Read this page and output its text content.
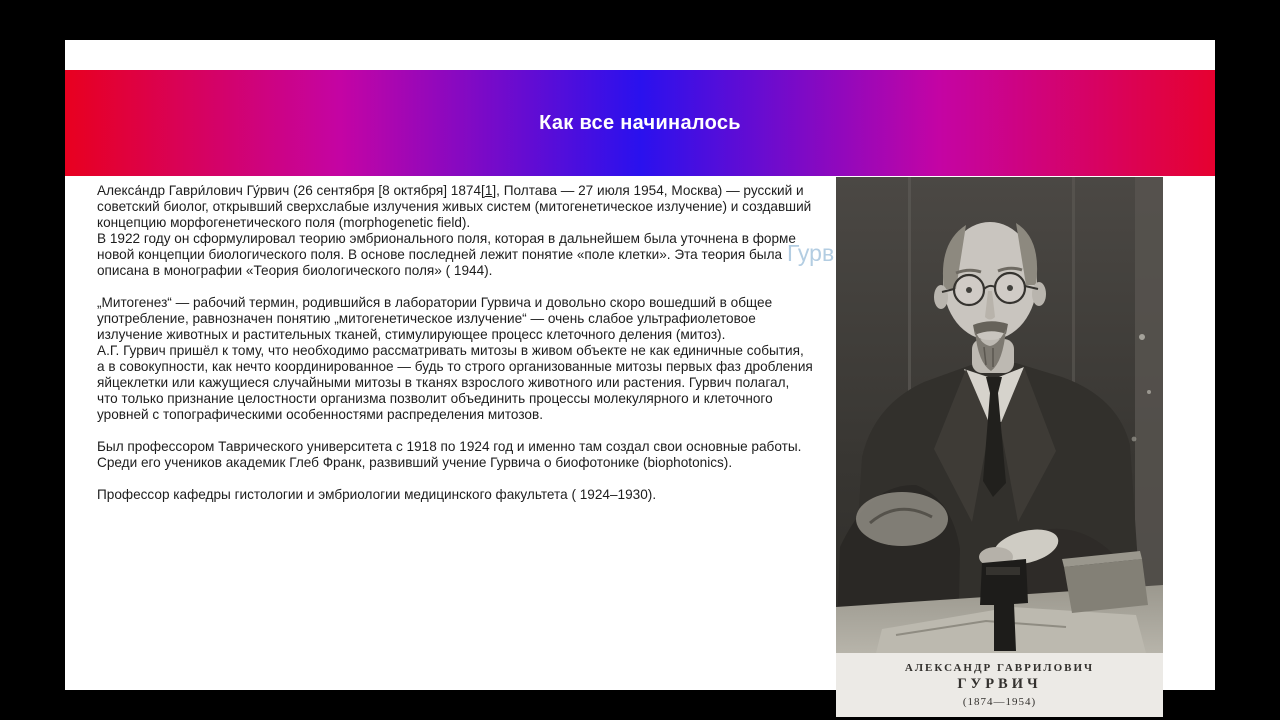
Как все начиналось
Гурв

Алекса́ндр Гаври́лович Гу́рвич (26 сентября [8 октября] 1874[1], Полтава — 27 июля 1954, Москва) — русский и советский биолог, открывший сверхслабые излучения живых систем (митогенетическое излучение) и создавший концепцию морфогенетического поля (morphogenetic field).

В 1922 году он сформулировал теорию эмбрионального поля, которая в дальнейшем была уточнена в форме новой концепции биологического поля. В основе последней лежит понятие «поле клетки». Эта теория была описана в монографии «Теория биологического поля» ( 1944).

„Митогенез“ — рабочий термин, родившийся в лаборатории Гурвича и довольно скоро вошедший в общее употребление, равнозначен понятию „митогенетическое излучение“ — очень слабое ультрафиолетовое излучение животных и растительных тканей, стимулирующее процесс клеточного деления (митоз).

А.Г. Гурвич пришёл к тому, что необходимо рассматривать митозы в живом объекте не как единичные события, а в совокупности, как нечто координированное — будь то строго организованные митозы первых фаз дробления яйцеклетки или кажущиеся случайными митозы в тканях взрослого животного или растения. Гурвич полагал, что только признание целостности организма позволит объединить процессы молекулярного и клеточного уровней с топографическими особенностями распределения митозов.

Был профессором Таврического университета с 1918 по 1924 год и именно там создал свои основные работы. Среди его учеников академик Глеб Франк, развивший учение Гурвича о биофотонике (biophotonics).

Профессор кафедры гистологии и эмбриологии медицинского факультета ( 1924–1930).

АЛЕКСАНДР ГАВРИЛОВИЧ
ГУРВИЧ
(1874—1954)
